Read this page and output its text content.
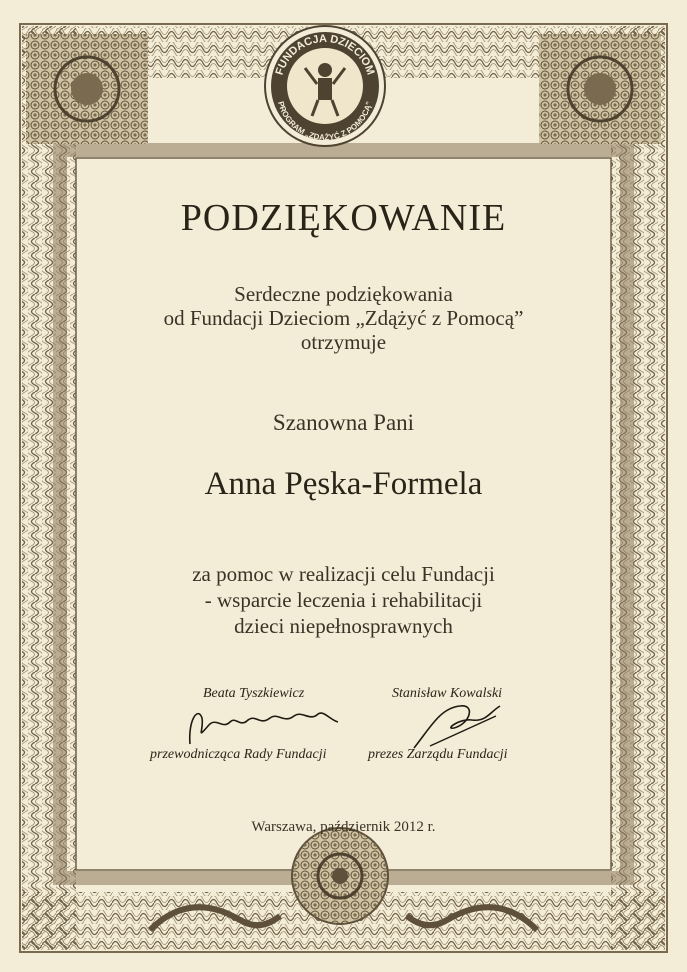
FUNDACJA DZIECIOM
PROGRAM „ZDĄŻYĆ Z POMOCĄ”
PODZIĘKOWANIE
Serdeczne podziękowania
od Fundacji Dzieciom „Zdążyć z Pomocą”
otrzymuje
Szanowna Pani
Anna Pęska-Formela
za pomoc w realizacji celu Fundacji
- wsparcie leczenia i rehabilitacji
dzieci niepełnosprawnych
Beata Tyszkiewicz
przewodnicząca Rady Fundacji
Stanisław Kowalski
prezes Zarządu Fundacji
Warszawa, październik 2012 r.
